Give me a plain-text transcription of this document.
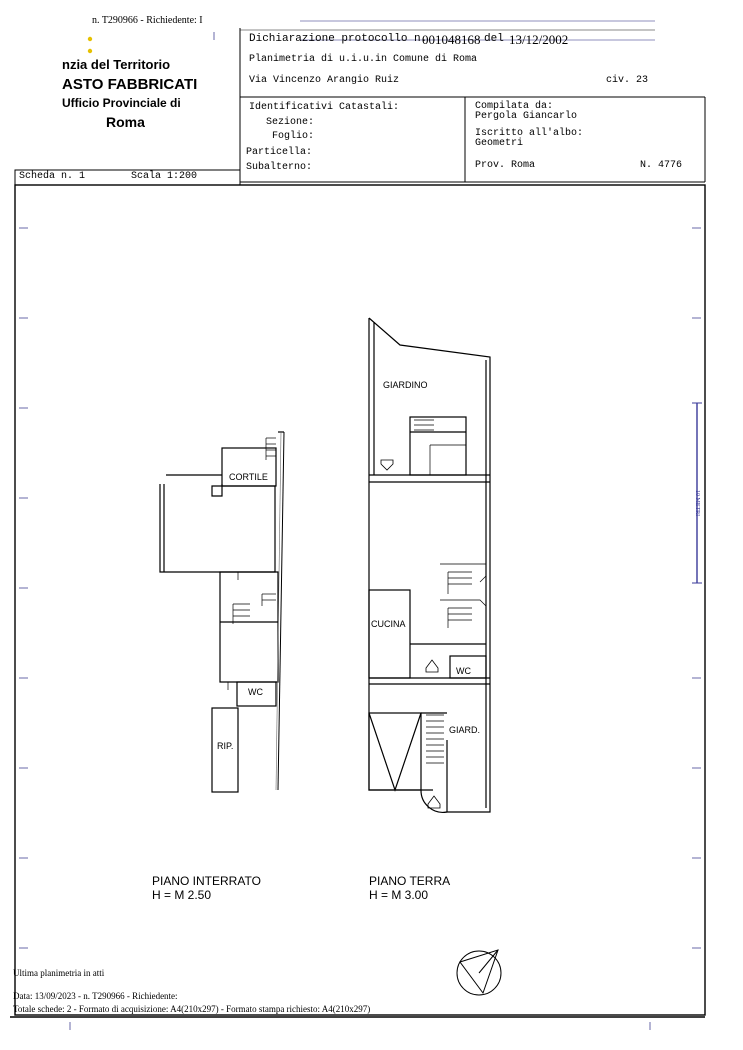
n. T290966 - Richiedente: I
nzia del Territorio
ASTO FABBRICATI
Ufficio Provinciale di
Roma
Dichiarazione protocollo n.
001048168 del 13/12/2002
Planimetria di u.i.u.in Comune di Roma
Via Vincenzo Arangio Ruiz	civ. 23
Identificativi Catastali:
Sezione:
Foglio:
Particella:
Subalterno:
Compilata da:
Pergola Giancarlo
Iscritto all'albo:
Geometri
Prov. Roma	N. 4776
Scheda n. 1	Scala 1:200
CORTILE
WC
RIP.
GIARDINO
CUCINA
WC
GIARD.
PIANO INTERRATO
H = M 2.50
PIANO TERRA
H = M 3.00
10 METRI
Ultima planimetria in atti
Data: 13/09/2023 - n. T290966 - Richiedente:
Totale schede: 2 - Formato di acquisizione: A4(210x297) - Formato stampa richiesto: A4(210x297)
